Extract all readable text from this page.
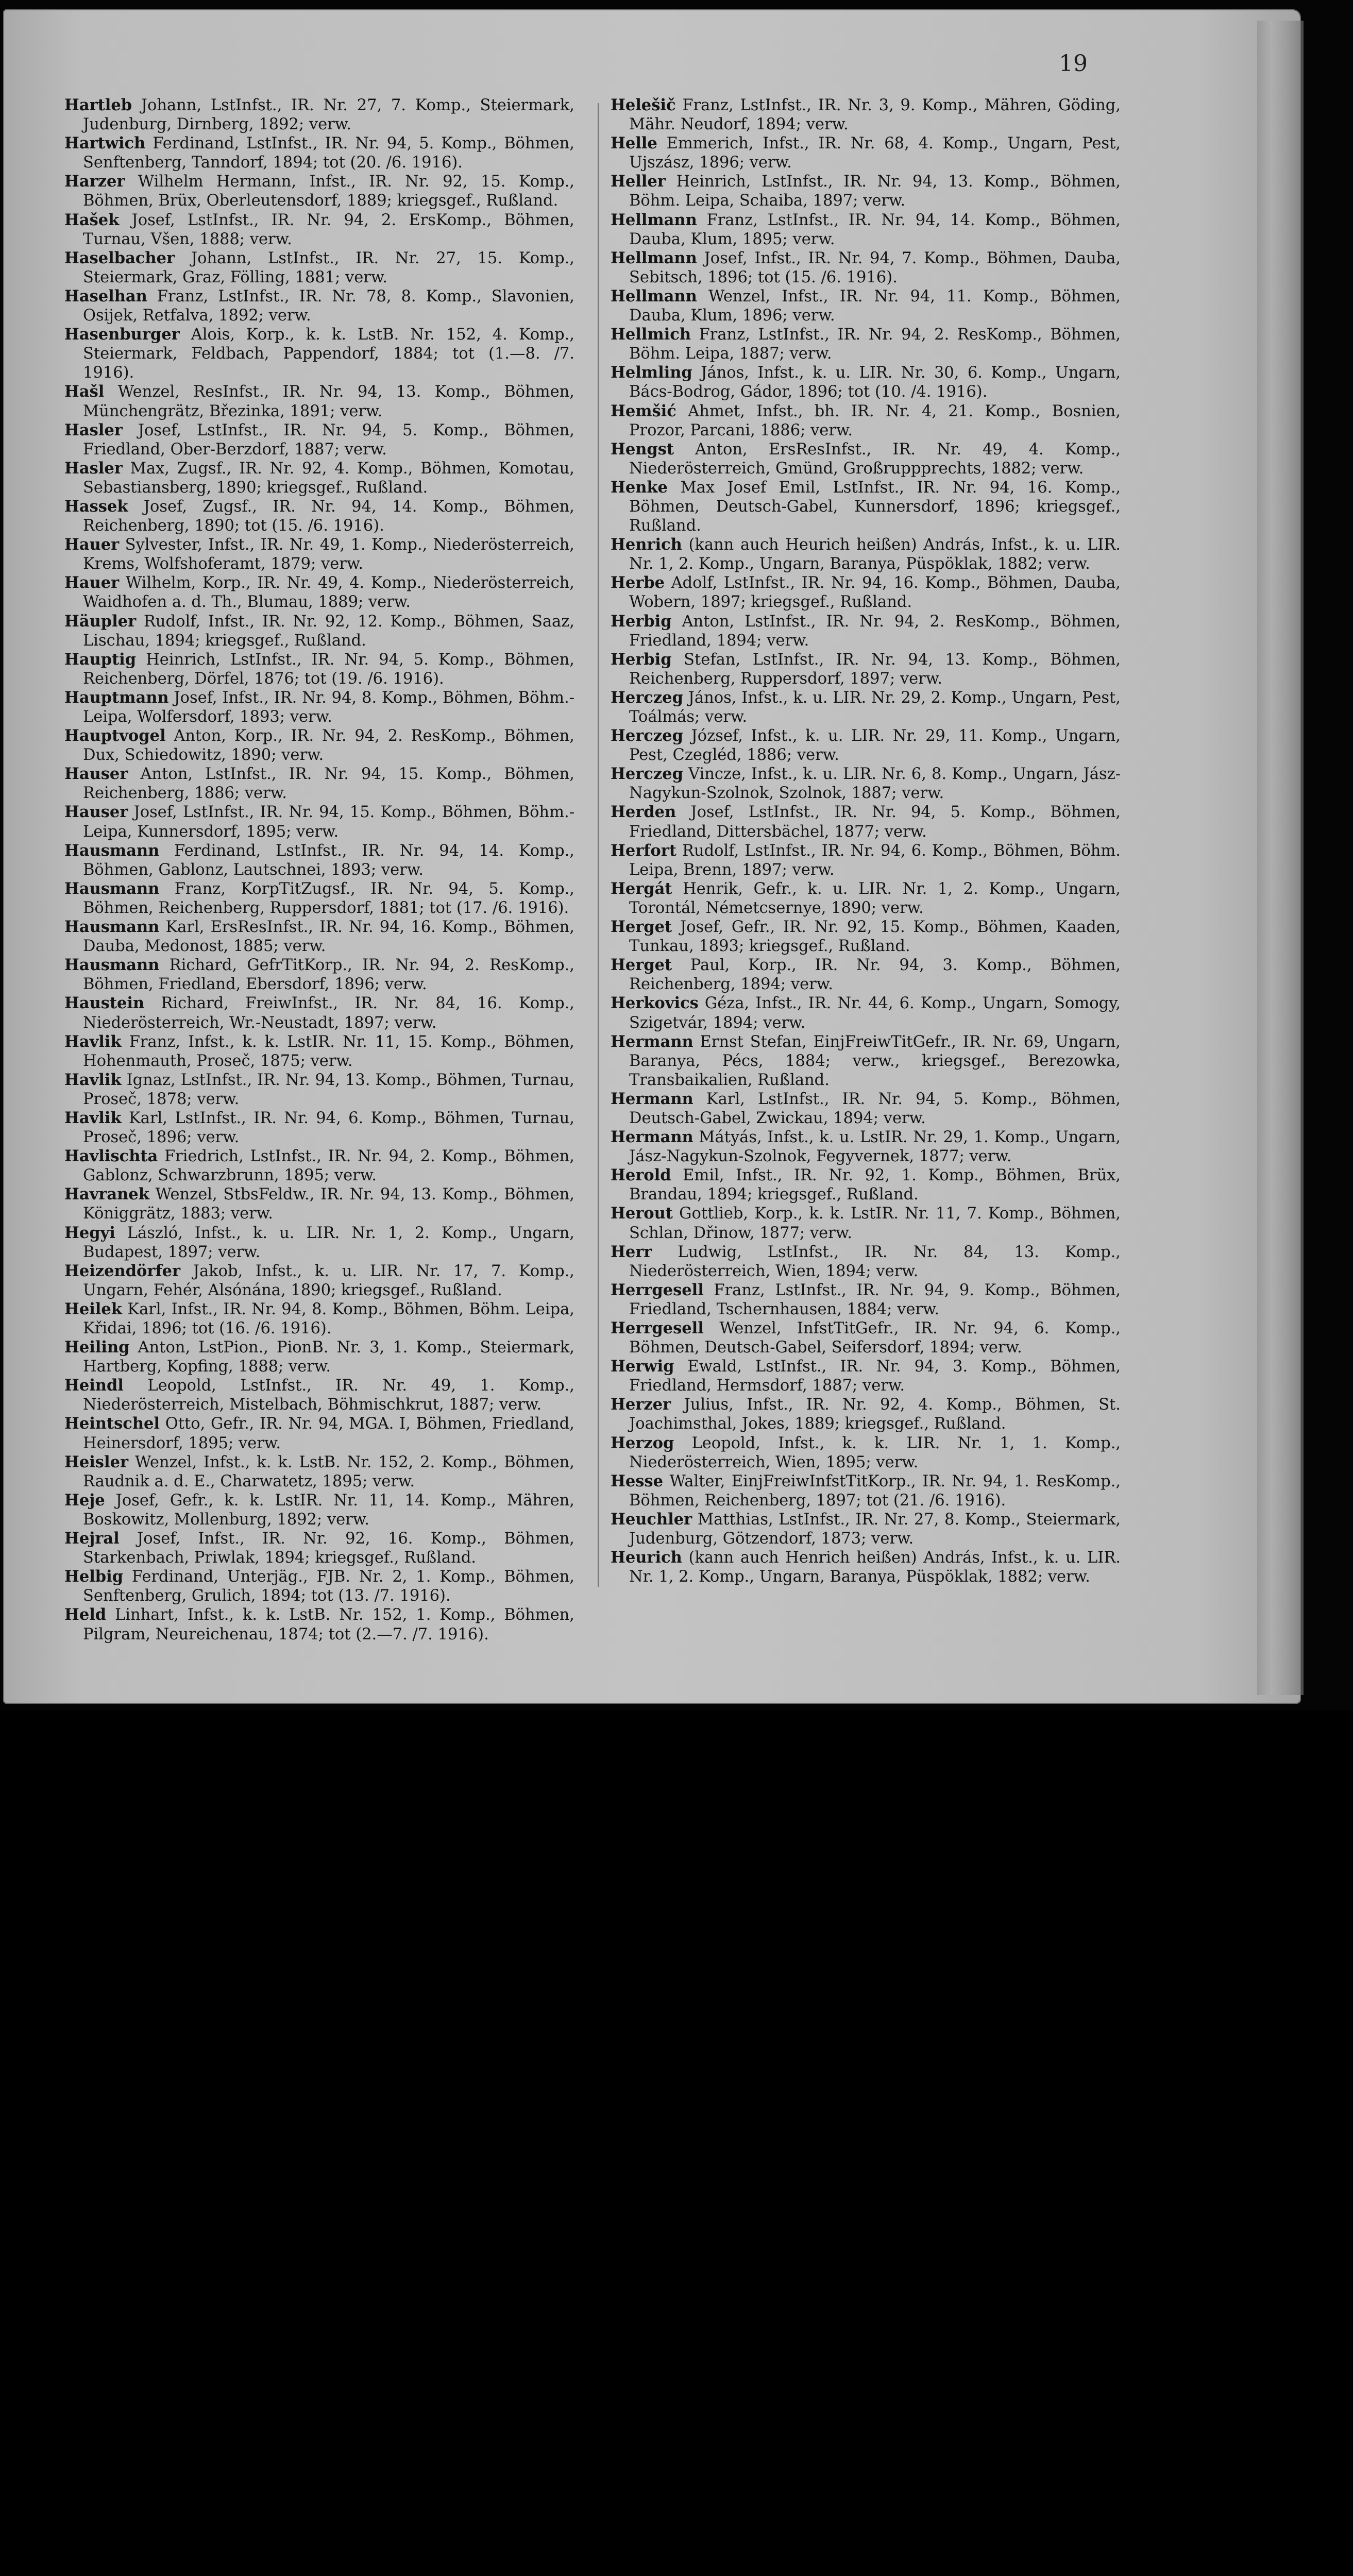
19
Hartleb Johann, LstInfst., IR. Nr. 27, 7. Komp., Steiermark, Judenburg, Dirnberg, 1892; verw.
Hartwich Ferdinand, LstInfst., IR. Nr. 94, 5. Komp., Böhmen, Senftenberg, Tanndorf, 1894; tot (20. /6. 1916).
Harzer Wilhelm Hermann, Infst., IR. Nr. 92, 15. Komp., Böhmen, Brüx, Oberleutensdorf, 1889; kriegsgef., Rußland.
Hašek Josef, LstInfst., IR. Nr. 94, 2. ErsKomp., Böhmen, Turnau, Všen, 1888; verw.
Haselbacher Johann, LstInfst., IR. Nr. 27, 15. Komp., Steiermark, Graz, Fölling, 1881; verw.
Haselhan Franz, LstInfst., IR. Nr. 78, 8. Komp., Slavonien, Osijek, Retfalva, 1892; verw.
Hasenburger Alois, Korp., k. k. LstB. Nr. 152, 4. Komp., Steiermark, Feldbach, Pappendorf, 1884; tot (1.—8. /7. 1916).
Hašl Wenzel, ResInfst., IR. Nr. 94, 13. Komp., Böhmen, Münchengrätz, Březinka, 1891; verw.
Hasler Josef, LstInfst., IR. Nr. 94, 5. Komp., Böhmen, Friedland, Ober-Berzdorf, 1887; verw.
Hasler Max, Zugsf., IR. Nr. 92, 4. Komp., Böhmen, Komotau, Sebastiansberg, 1890; kriegsgef., Rußland.
Hassek Josef, Zugsf., IR. Nr. 94, 14. Komp., Böhmen, Reichenberg, 1890; tot (15. /6. 1916).
Hauer Sylvester, Infst., IR. Nr. 49, 1. Komp., Niederösterreich, Krems, Wolfshoferamt, 1879; verw.
Hauer Wilhelm, Korp., IR. Nr. 49, 4. Komp., Niederösterreich, Waidhofen a. d. Th., Blumau, 1889; verw.
Häupler Rudolf, Infst., IR. Nr. 92, 12. Komp., Böhmen, Saaz, Lischau, 1894; kriegsgef., Rußland.
Hauptig Heinrich, LstInfst., IR. Nr. 94, 5. Komp., Böhmen, Reichenberg, Dörfel, 1876; tot (19. /6. 1916).
Hauptmann Josef, Infst., IR. Nr. 94, 8. Komp., Böhmen, Böhm.-Leipa, Wolfersdorf, 1893; verw.
Hauptvogel Anton, Korp., IR. Nr. 94, 2. ResKomp., Böhmen, Dux, Schiedowitz, 1890; verw.
Hauser Anton, LstInfst., IR. Nr. 94, 15. Komp., Böhmen, Reichenberg, 1886; verw.
Hauser Josef, LstInfst., IR. Nr. 94, 15. Komp., Böhmen, Böhm.-Leipa, Kunnersdorf, 1895; verw.
Hausmann Ferdinand, LstInfst., IR. Nr. 94, 14. Komp., Böhmen, Gablonz, Lautschnei, 1893; verw.
Hausmann Franz, KorpTitZugsf., IR. Nr. 94, 5. Komp., Böhmen, Reichenberg, Ruppersdorf, 1881; tot (17. /6. 1916).
Hausmann Karl, ErsResInfst., IR. Nr. 94, 16. Komp., Böhmen, Dauba, Medonost, 1885; verw.
Hausmann Richard, GefrTitKorp., IR. Nr. 94, 2. ResKomp., Böhmen, Friedland, Ebersdorf, 1896; verw.
Haustein Richard, FreiwInfst., IR. Nr. 84, 16. Komp., Niederösterreich, Wr.-Neustadt, 1897; verw.
Havlik Franz, Infst., k. k. LstIR. Nr. 11, 15. Komp., Böhmen, Hohenmauth, Proseč, 1875; verw.
Havlik Ignaz, LstInfst., IR. Nr. 94, 13. Komp., Böhmen, Turnau, Proseč, 1878; verw.
Havlik Karl, LstInfst., IR. Nr. 94, 6. Komp., Böhmen, Turnau, Proseč, 1896; verw.
Havlischta Friedrich, LstInfst., IR. Nr. 94, 2. Komp., Böhmen, Gablonz, Schwarzbrunn, 1895; verw.
Havranek Wenzel, StbsFeldw., IR. Nr. 94, 13. Komp., Böhmen, Königgrätz, 1883; verw.
Hegyi László, Infst., k. u. LIR. Nr. 1, 2. Komp., Ungarn, Budapest, 1897; verw.
Heizendörfer Jakob, Infst., k. u. LIR. Nr. 17, 7. Komp., Ungarn, Fehér, Alsónána, 1890; kriegsgef., Rußland.
Heilek Karl, Infst., IR. Nr. 94, 8. Komp., Böhmen, Böhm. Leipa, Křidai, 1896; tot (16. /6. 1916).
Heiling Anton, LstPion., PionB. Nr. 3, 1. Komp., Steiermark, Hartberg, Kopfing, 1888; verw.
Heindl Leopold, LstInfst., IR. Nr. 49, 1. Komp., Niederösterreich, Mistelbach, Böhmischkrut, 1887; verw.
Heintschel Otto, Gefr., IR. Nr. 94, MGA. I, Böhmen, Friedland, Heinersdorf, 1895; verw.
Heisler Wenzel, Infst., k. k. LstB. Nr. 152, 2. Komp., Böhmen, Raudnik a. d. E., Charwatetz, 1895; verw.
Heje Josef, Gefr., k. k. LstIR. Nr. 11, 14. Komp., Mähren, Boskowitz, Mollenburg, 1892; verw.
Hejral Josef, Infst., IR. Nr. 92, 16. Komp., Böhmen, Starkenbach, Priwlak, 1894; kriegsgef., Rußland.
Helbig Ferdinand, Unterjäg., FJB. Nr. 2, 1. Komp., Böhmen, Senftenberg, Grulich, 1894; tot (13. /7. 1916).
Held Linhart, Infst., k. k. LstB. Nr. 152, 1. Komp., Böhmen, Pilgram, Neureichenau, 1874; tot (2.—7. /7. 1916).
Helešič Franz, LstInfst., IR. Nr. 3, 9. Komp., Mähren, Göding, Mähr. Neudorf, 1894; verw.
Helle Emmerich, Infst., IR. Nr. 68, 4. Komp., Ungarn, Pest, Ujszász, 1896; verw.
Heller Heinrich, LstInfst., IR. Nr. 94, 13. Komp., Böhmen, Böhm. Leipa, Schaiba, 1897; verw.
Hellmann Franz, LstInfst., IR. Nr. 94, 14. Komp., Böhmen, Dauba, Klum, 1895; verw.
Hellmann Josef, Infst., IR. Nr. 94, 7. Komp., Böhmen, Dauba, Sebitsch, 1896; tot (15. /6. 1916).
Hellmann Wenzel, Infst., IR. Nr. 94, 11. Komp., Böhmen, Dauba, Klum, 1896; verw.
Hellmich Franz, LstInfst., IR. Nr. 94, 2. ResKomp., Böhmen, Böhm. Leipa, 1887; verw.
Helmling János, Infst., k. u. LIR. Nr. 30, 6. Komp., Ungarn, Bács-Bodrog, Gádor, 1896; tot (10. /4. 1916).
Hemšić Ahmet, Infst., bh. IR. Nr. 4, 21. Komp., Bosnien, Prozor, Parcani, 1886; verw.
Hengst Anton, ErsResInfst., IR. Nr. 49, 4. Komp., Niederösterreich, Gmünd, Großruppprechts, 1882; verw.
Henke Max Josef Emil, LstInfst., IR. Nr. 94, 16. Komp., Böhmen, Deutsch-Gabel, Kunnersdorf, 1896; kriegsgef., Rußland.
Henrich (kann auch Heurich heißen) András, Infst., k. u. LIR. Nr. 1, 2. Komp., Ungarn, Baranya, Püspöklak, 1882; verw.
Herbe Adolf, LstInfst., IR. Nr. 94, 16. Komp., Böhmen, Dauba, Wobern, 1897; kriegsgef., Rußland.
Herbig Anton, LstInfst., IR. Nr. 94, 2. ResKomp., Böhmen, Friedland, 1894; verw.
Herbig Stefan, LstInfst., IR. Nr. 94, 13. Komp., Böhmen, Reichenberg, Ruppersdorf, 1897; verw.
Herczeg János, Infst., k. u. LIR. Nr. 29, 2. Komp., Ungarn, Pest, Toálmás; verw.
Herczeg József, Infst., k. u. LIR. Nr. 29, 11. Komp., Ungarn, Pest, Czegléd, 1886; verw.
Herczeg Vincze, Infst., k. u. LIR. Nr. 6, 8. Komp., Ungarn, Jász-Nagykun-Szolnok, Szolnok, 1887; verw.
Herden Josef, LstInfst., IR. Nr. 94, 5. Komp., Böhmen, Friedland, Dittersbächel, 1877; verw.
Herfort Rudolf, LstInfst., IR. Nr. 94, 6. Komp., Böhmen, Böhm. Leipa, Brenn, 1897; verw.
Hergát Henrik, Gefr., k. u. LIR. Nr. 1, 2. Komp., Ungarn, Torontál, Németcsernye, 1890; verw.
Herget Josef, Gefr., IR. Nr. 92, 15. Komp., Böhmen, Kaaden, Tunkau, 1893; kriegsgef., Rußland.
Herget Paul, Korp., IR. Nr. 94, 3. Komp., Böhmen, Reichenberg, 1894; verw.
Herkovics Géza, Infst., IR. Nr. 44, 6. Komp., Ungarn, Somogy, Szigetvár, 1894; verw.
Hermann Ernst Stefan, EinjFreiwTitGefr., IR. Nr. 69, Ungarn, Baranya, Pécs, 1884; verw., kriegsgef., Berezowka, Transbaikalien, Rußland.
Hermann Karl, LstInfst., IR. Nr. 94, 5. Komp., Böhmen, Deutsch-Gabel, Zwickau, 1894; verw.
Hermann Mátyás, Infst., k. u. LstIR. Nr. 29, 1. Komp., Ungarn, Jász-Nagykun-Szolnok, Fegyvernek, 1877; verw.
Herold Emil, Infst., IR. Nr. 92, 1. Komp., Böhmen, Brüx, Brandau, 1894; kriegsgef., Rußland.
Herout Gottlieb, Korp., k. k. LstIR. Nr. 11, 7. Komp., Böhmen, Schlan, Dřinow, 1877; verw.
Herr Ludwig, LstInfst., IR. Nr. 84, 13. Komp., Niederösterreich, Wien, 1894; verw.
Herrgesell Franz, LstInfst., IR. Nr. 94, 9. Komp., Böhmen, Friedland, Tschernhausen, 1884; verw.
Herrgesell Wenzel, InfstTitGefr., IR. Nr. 94, 6. Komp., Böhmen, Deutsch-Gabel, Seifersdorf, 1894; verw.
Herwig Ewald, LstInfst., IR. Nr. 94, 3. Komp., Böhmen, Friedland, Hermsdorf, 1887; verw.
Herzer Julius, Infst., IR. Nr. 92, 4. Komp., Böhmen, St. Joachimsthal, Jokes, 1889; kriegsgef., Rußland.
Herzog Leopold, Infst., k. k. LIR. Nr. 1, 1. Komp., Niederösterreich, Wien, 1895; verw.
Hesse Walter, EinjFreiwInfstTitKorp., IR. Nr. 94, 1. ResKomp., Böhmen, Reichenberg, 1897; tot (21. /6. 1916).
Heuchler Matthias, LstInfst., IR. Nr. 27, 8. Komp., Steiermark, Judenburg, Götzendorf, 1873; verw.
Heurich (kann auch Henrich heißen) András, Infst., k. u. LIR. Nr. 1, 2. Komp., Ungarn, Baranya, Püspöklak, 1882; verw.
